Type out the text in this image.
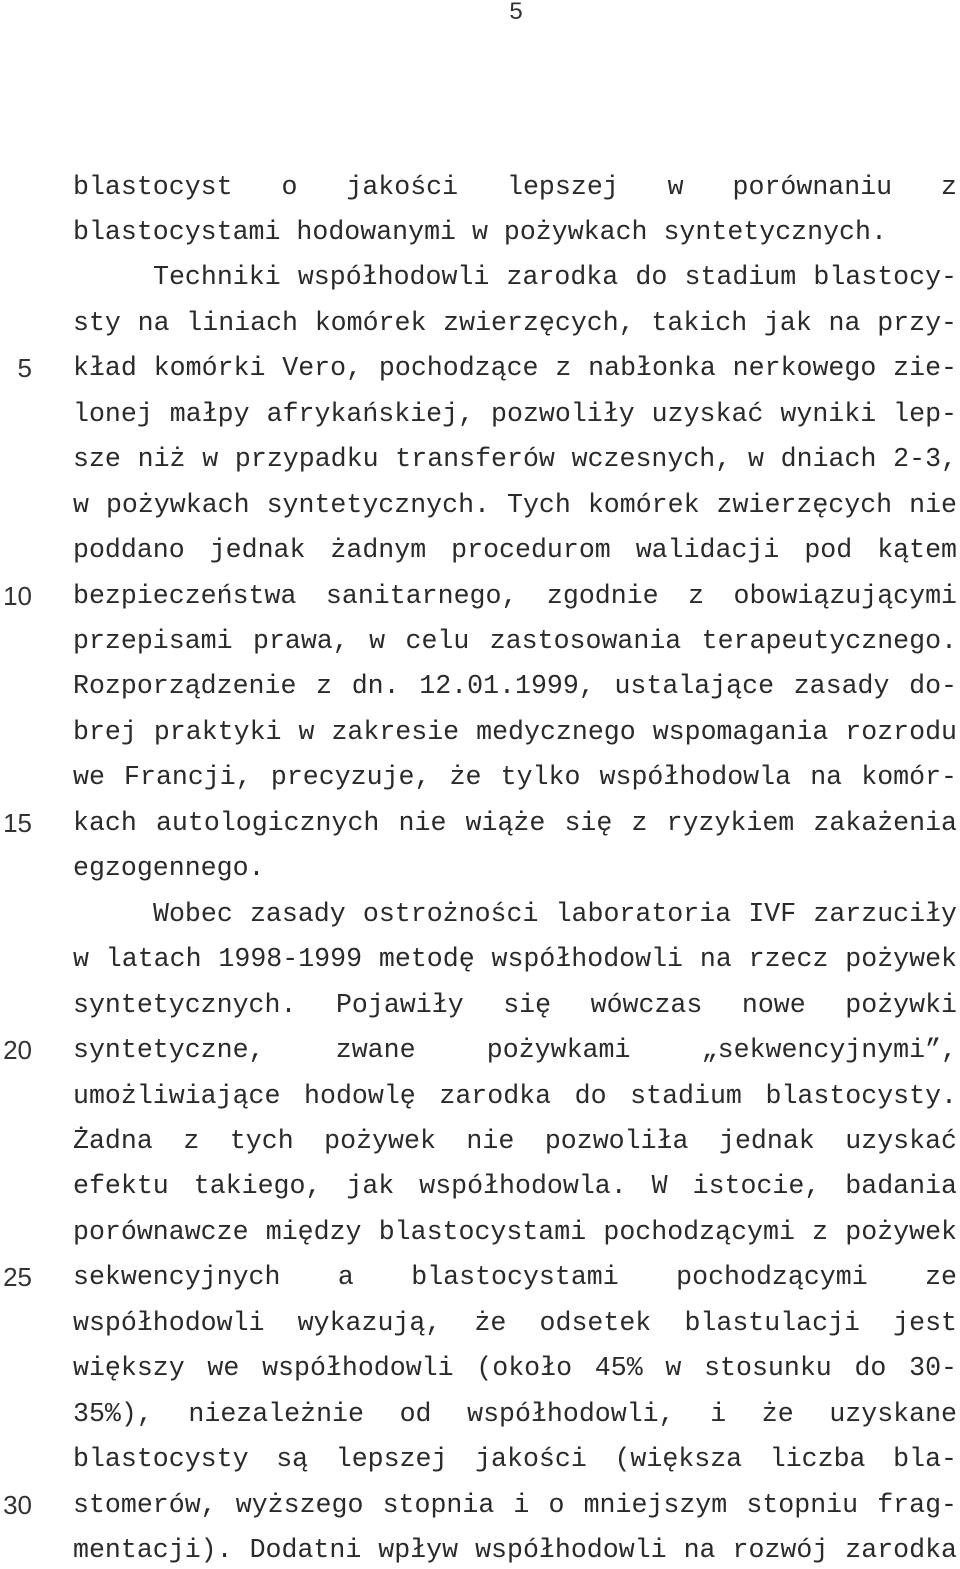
5
blastocyst o jakości lepszej w porównaniu z
blastocystami hodowanymi w pożywkach syntetycznych.
Techniki współhodowli zarodka do stadium blastocy-
sty na liniach komórek zwierzęcych, takich jak na przy-
5 kład komórki Vero, pochodzące z nabłonka nerkowego zie-
lonej małpy afrykańskiej, pozwoliły uzyskać wyniki lep-
sze niż w przypadku transferów wczesnych, w dniach 2-3,
w pożywkach syntetycznych. Tych komórek zwierzęcych nie
poddano jednak żadnym procedurom walidacji pod kątem
10 bezpieczeństwa sanitarnego, zgodnie z obowiązującymi
przepisami prawa, w celu zastosowania terapeutycznego.
Rozporządzenie z dn. 12.01.1999, ustalające zasady do-
brej praktyki w zakresie medycznego wspomagania rozrodu
we Francji, precyzuje, że tylko współhodowla na komór-
15 kach autologicznych nie wiąże się z ryzykiem zakażenia
egzogennego.
Wobec zasady ostrożności laboratoria IVF zarzuciły
w latach 1998-1999 metodę współhodowli na rzecz pożywek
syntetycznych. Pojawiły się wówczas nowe pożywki
20 syntetyczne, zwane pożywkami „sekwencyjnymi”,
umożliwiające hodowlę zarodka do stadium blastocysty.
Żadna z tych pożywek nie pozwoliła jednak uzyskać
efektu takiego, jak współhodowla. W istocie, badania
porównawcze między blastocystami pochodzącymi z pożywek
25 sekwencyjnych a blastocystami pochodzącymi ze
współhodowli wykazują, że odsetek blastulacji jest
większy we współhodowli (około 45% w stosunku do 30-
35%), niezależnie od współhodowli, i że uzyskane
blastocysty są lepszej jakości (większa liczba bla-
30 stomerów, wyższego stopnia i o mniejszym stopniu frag-
mentacji). Dodatni wpływ współhodowli na rozwój zarodka
